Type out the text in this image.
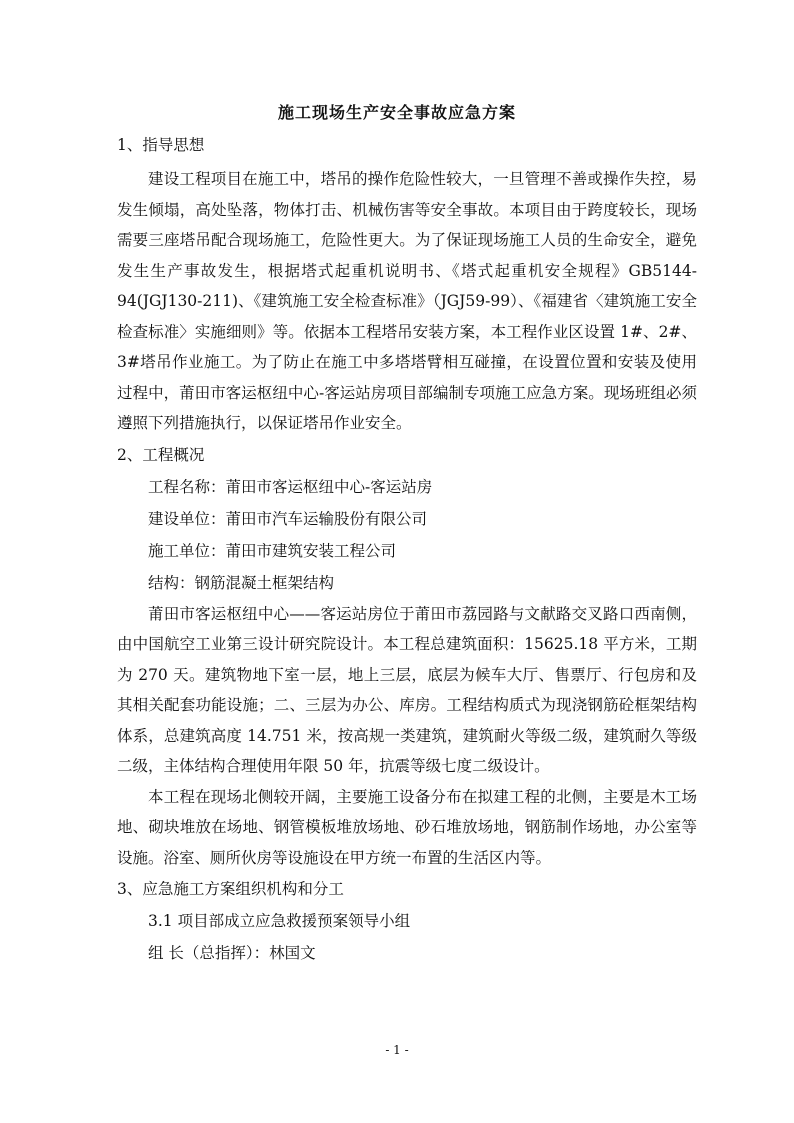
施工现场生产安全事故应急方案

1、指导思想

建设工程项目在施工中，塔吊的操作危险性较大，一旦管理不善或操作失控，易发生倾塌，高处坠落，物体打击、机械伤害等安全事故。本项目由于跨度较长，现场需要三座塔吊配合现场施工，危险性更大。为了保证现场施工人员的生命安全，避免发生生产事故发生，根据塔式起重机说明书、《塔式起重机安全规程》GB5144-94(JGJ130-211)、《建筑施工安全检查标准》（JGJ59-99）、《福建省〈建筑施工安全检查标准〉实施细则》等。依据本工程塔吊安装方案，本工程作业区设置 1#、2#、3#塔吊作业施工。为了防止在施工中多塔塔臂相互碰撞，在设置位置和安装及使用过程中，莆田市客运枢纽中心-客运站房项目部编制专项施工应急方案。现场班组必须遵照下列措施执行，以保证塔吊作业安全。

2、工程概况

工程名称：莆田市客运枢纽中心-客运站房

建设单位：莆田市汽车运输股份有限公司

施工单位：莆田市建筑安装工程公司

结构：钢筋混凝土框架结构

莆田市客运枢纽中心——客运站房位于莆田市荔园路与文献路交叉路口西南侧，由中国航空工业第三设计研究院设计。本工程总建筑面积：15625.18 平方米，工期为 270 天。建筑物地下室一层，地上三层，底层为候车大厅、售票厅、行包房和及其相关配套功能设施；二、三层为办公、库房。工程结构质式为现浇钢筋砼框架结构体系，总建筑高度 14.751 米，按高规一类建筑，建筑耐火等级二级，建筑耐久等级二级，主体结构合理使用年限 50 年，抗震等级七度二级设计。

本工程在现场北侧较开阔，主要施工设备分布在拟建工程的北侧，主要是木工场地、砌块堆放在场地、钢管模板堆放场地、砂石堆放场地，钢筋制作场地，办公室等设施。浴室、厕所伙房等设施设在甲方统一布置的生活区内等。

3、应急施工方案组织机构和分工

3.1 项目部成立应急救援预案领导小组

组 长（总指挥）：林国文

- 1 -
